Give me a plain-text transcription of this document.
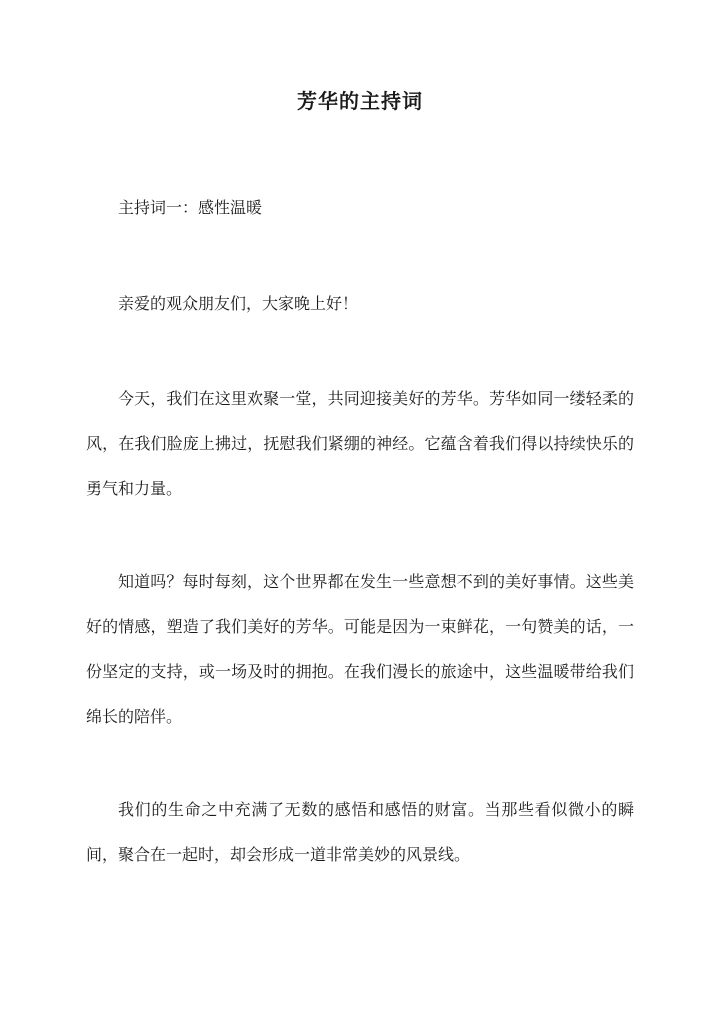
芳华的主持词

主持词一：感性温暖

亲爱的观众朋友们，大家晚上好！

今天，我们在这里欢聚一堂，共同迎接美好的芳华。芳华如同一缕轻柔的风，在我们脸庞上拂过，抚慰我们紧绷的神经。它蕴含着我们得以持续快乐的勇气和力量。

知道吗？每时每刻，这个世界都在发生一些意想不到的美好事情。这些美好的情感，塑造了我们美好的芳华。可能是因为一束鲜花，一句赞美的话，一份坚定的支持，或一场及时的拥抱。在我们漫长的旅途中，这些温暖带给我们绵长的陪伴。

我们的生命之中充满了无数的感悟和感悟的财富。当那些看似微小的瞬间，聚合在一起时，却会形成一道非常美妙的风景线。
